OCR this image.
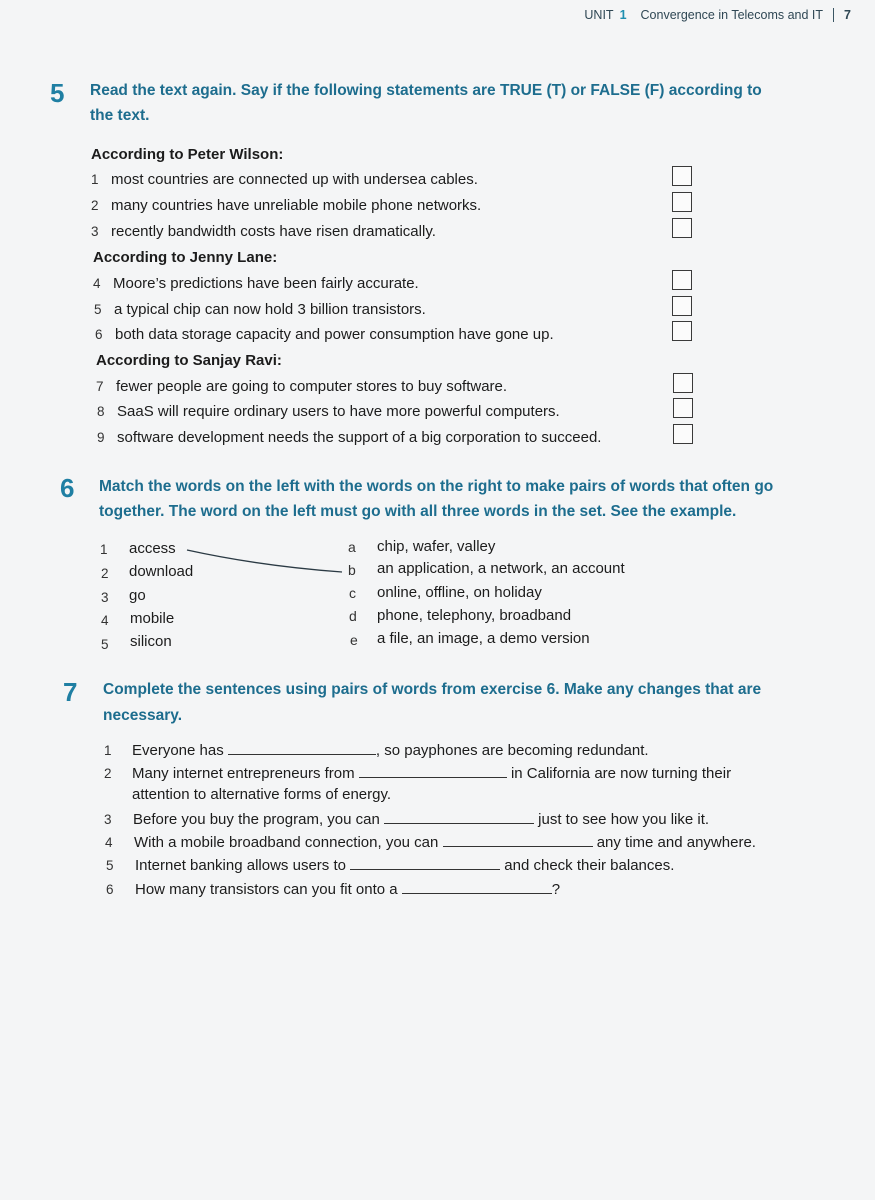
UNIT 1 Convergence in Telecoms and IT 7
5 Read the text again. Say if the following statements are TRUE (T) or FALSE (F) according to
the text.
According to Peter Wilson:
1 most countries are connected up with undersea cables.
2 many countries have unreliable mobile phone networks.
3 recently bandwidth costs have risen dramatically.
According to Jenny Lane:
4 Moore’s predictions have been fairly accurate.
5 a typical chip can now hold 3 billion transistors.
6 both data storage capacity and power consumption have gone up.
According to Sanjay Ravi:
7 fewer people are going to computer stores to buy software.
8 SaaS will require ordinary users to have more powerful computers.
9 software development needs the support of a big corporation to succeed.
6 Match the words on the left with the words on the right to make pairs of words that often go
together. The word on the left must go with all three words in the set. See the example.
1 access
2 download
3 go
4 mobile
5 silicon
a chip, wafer, valley
b an application, a network, an account
c online, offline, on holiday
d phone, telephony, broadband
e a file, an image, a demo version
7 Complete the sentences using pairs of words from exercise 6. Make any changes that are
necessary.
1 Everyone has	, so payphones are becoming redundant.
2 Many internet entrepreneurs from	in California are now turning their
attention to alternative forms of energy.
3 Before you buy the program, you can	just to see how you like it.
4 With a mobile broadband connection, you can	any time and anywhere.
5 Internet banking allows users to	and check their balances.
6 How many transistors can you fit onto a	?
